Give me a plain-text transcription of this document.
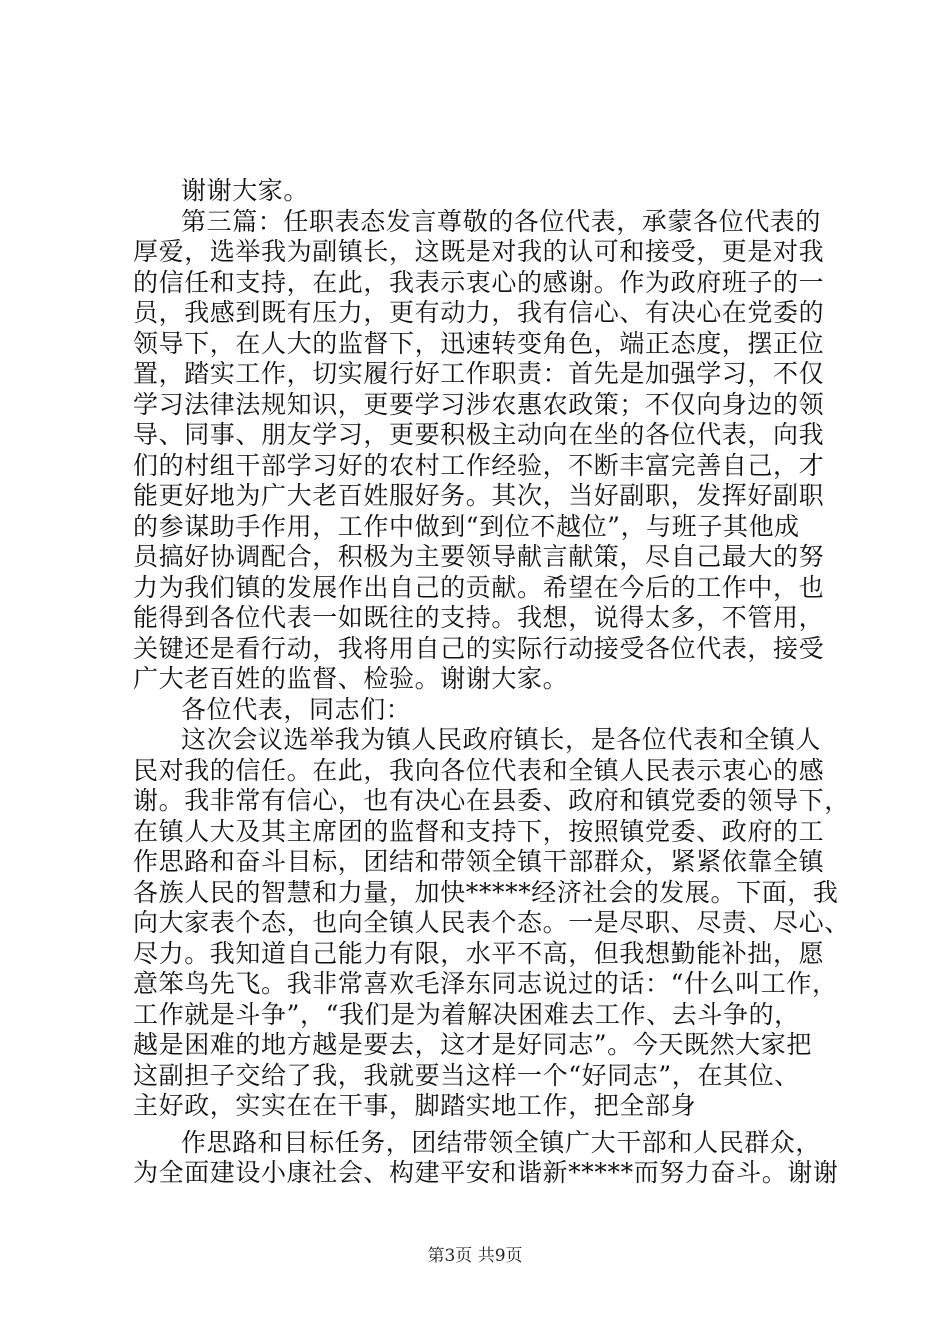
谢谢大家。
第三篇：任职表态发言尊敬的各位代表，承蒙各位代表的
厚爱，选举我为副镇长，这既是对我的认可和接受，更是对我
的信任和支持，在此，我表示衷心的感谢。作为政府班子的一
员，我感到既有压力，更有动力，我有信心、有决心在党委的
领导下，在人大的监督下，迅速转变角色，端正态度，摆正位
置，踏实工作，切实履行好工作职责：首先是加强学习，不仅
学习法律法规知识，更要学习涉农惠农政策；不仅向身边的领
导、同事、朋友学习，更要积极主动向在坐的各位代表，向我
们的村组干部学习好的农村工作经验，不断丰富完善自己，才
能更好地为广大老百姓服好务。其次，当好副职，发挥好副职
的参谋助手作用，工作中做到“到位不越位”，与班子其他成
员搞好协调配合，积极为主要领导献言献策，尽自己最大的努
力为我们镇的发展作出自己的贡献。希望在今后的工作中，也
能得到各位代表一如既往的支持。我想，说得太多，不管用，
关键还是看行动，我将用自己的实际行动接受各位代表，接受
广大老百姓的监督、检验。谢谢大家。
各位代表，同志们：
这次会议选举我为镇人民政府镇长，是各位代表和全镇人
民对我的信任。在此，我向各位代表和全镇人民表示衷心的感
谢。我非常有信心，也有决心在县委、政府和镇党委的领导下，
在镇人大及其主席团的监督和支持下，按照镇党委、政府的工
作思路和奋斗目标，团结和带领全镇干部群众，紧紧依靠全镇
各族人民的智慧和力量，加快*****经济社会的发展。下面，我
向大家表个态，也向全镇人民表个态。一是尽职、尽责、尽心、
尽力。我知道自己能力有限，水平不高，但我想勤能补拙，愿
意笨鸟先飞。我非常喜欢毛泽东同志说过的话：“什么叫工作，
工作就是斗争”，“我们是为着解决困难去工作、去斗争的，
越是困难的地方越是要去，这才是好同志”。今天既然大家把
这副担子交给了我，我就要当这样一个“好同志”，在其位、
主好政，实实在在干事，脚踏实地工作，把全部身
作思路和目标任务，团结带领全镇广大干部和人民群众，
为全面建设小康社会、构建平安和谐新*****而努力奋斗。谢谢
第3页 共9页
